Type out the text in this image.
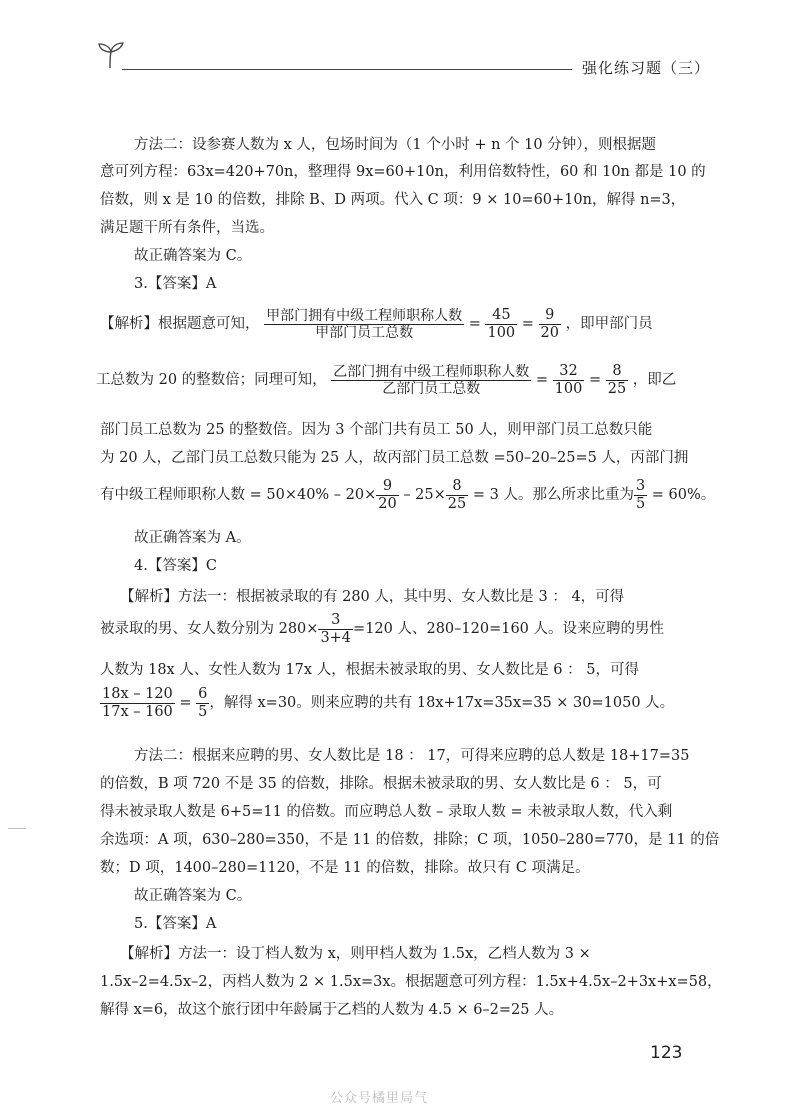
强化练习题（三）
方法二：设参赛人数为 x 人，包场时间为（1 个小时 + n 个 10 分钟），则根据题
意可列方程：63x=420+70n，整理得 9x=60+10n，利用倍数特性，60 和 10n 都是 10 的
倍数，则 x 是 10 的倍数，排除 B、D 两项。代入 C 项：9 × 10=60+10n，解得 n=3，
满足题干所有条件，当选。
故正确答案为 C。
3.【答案】A
【解析】根据题意可知， $\frac{\text{甲部门拥有中级工程师职称人数}}{\text{甲部门员工总数}} = \frac{45}{100} = \frac{9}{20}$ ，即甲部门员
工总数为 20 的整数倍；同理可知， $\frac{\text{乙部门拥有中级工程师职称人数}}{\text{乙部门员工总数}} = \frac{32}{100} = \frac{8}{25}$ ，即乙
部门员工总数为 25 的整数倍。因为 3 个部门共有员工 50 人，则甲部门员工总数只能
为 20 人，乙部门员工总数只能为 25 人，故丙部门员工总数 =50–20–25=5 人，丙部门拥
有中级工程师职称人数 = $50\times 40\% - 20\times \frac{9}{20} - 25\times \frac{8}{25} = 3$ 人。那么所求比重为 $\frac{3}{5} = 60\%$。
故正确答案为 A。
4.【答案】C
【解析】方法一：根据被录取的有 280 人，其中男、女人数比是 3 ： 4，可得
被录取的男、女人数分别为 $280\times \frac{3}{3+4} =120$ 人、280–120=160 人。设来应聘的男性
人数为 18x 人、女性人数为 17x 人，根据未被录取的男、女人数比是 6 ： 5，可得
$\frac{18x - 120}{17x - 160} = \frac{6}{5}$ ，解得 x=30。则来应聘的共有 18x+17x=35x=35 × 30=1050 人。
方法二：根据来应聘的男、女人数比是 18 ： 17，可得来应聘的总人数是 18+17=35
的倍数，B 项 720 不是 35 的倍数，排除。根据未被录取的男、女人数比是 6 ： 5，可
得未被录取人数是 6+5=11 的倍数。而应聘总人数 – 录取人数 = 未被录取人数，代入剩
余选项：A 项，630–280=350，不是 11 的倍数，排除；C 项，1050–280=770，是 11 的倍
数；D 项，1400–280=1120，不是 11 的倍数，排除。故只有 C 项满足。
故正确答案为 C。
5.【答案】A
【解析】方法一：设丁档人数为 x，则甲档人数为 1.5x，乙档人数为 3 ×
1.5x–2=4.5x–2，丙档人数为 2 × 1.5x=3x。根据题意可列方程：1.5x+4.5x–2+3x+x=58，
解得 x=6，故这个旅行团中年龄属于乙档的人数为 4.5 × 6–2=25 人。
123
公众号橘里局气
